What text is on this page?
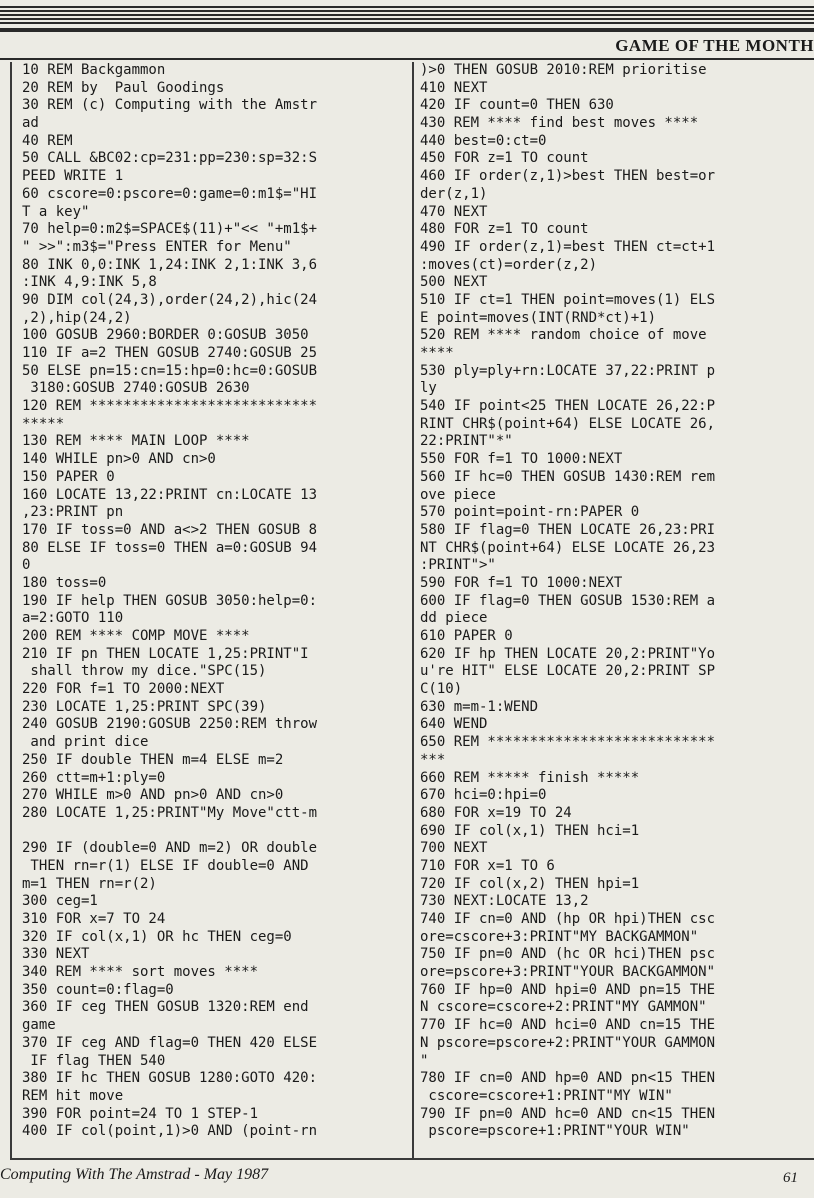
GAME OF THE MONTH
10 REM Backgammon
20 REM by  Paul Goodings
30 REM (c) Computing with the Amstr
ad
40 REM
50 CALL &BC02:cp=231:pp=230:sp=32:S
PEED WRITE 1
60 cscore=0:pscore=0:game=0:m1$="HI
T a key"
70 help=0:m2$=SPACE$(11)+"<< "+m1$+
" >>":m3$="Press ENTER for Menu"
80 INK 0,0:INK 1,24:INK 2,1:INK 3,6
:INK 4,9:INK 5,8
90 DIM col(24,3),order(24,2),hic(24
,2),hip(24,2)
100 GOSUB 2960:BORDER 0:GOSUB 3050
110 IF a=2 THEN GOSUB 2740:GOSUB 25
50 ELSE pn=15:cn=15:hp=0:hc=0:GOSUB
3180:GOSUB 2740:GOSUB 2630
120 REM ***************************
*****
130 REM **** MAIN LOOP ****
140 WHILE pn>0 AND cn>0
150 PAPER 0
160 LOCATE 13,22:PRINT cn:LOCATE 13
,23:PRINT pn
170 IF toss=0 AND a<>2 THEN GOSUB 8
80 ELSE IF toss=0 THEN a=0:GOSUB 94
0
180 toss=0
190 IF help THEN GOSUB 3050:help=0:
a=2:GOTO 110
200 REM **** COMP MOVE ****
210 IF pn THEN LOCATE 1,25:PRINT"I
shall throw my dice."SPC(15)
220 FOR f=1 TO 2000:NEXT
230 LOCATE 1,25:PRINT SPC(39)
240 GOSUB 2190:GOSUB 2250:REM throw
and print dice
250 IF double THEN m=4 ELSE m=2
260 ctt=m+1:ply=0
270 WHILE m>0 AND pn>0 AND cn>0
280 LOCATE 1,25:PRINT"My Move"ctt-m
290 IF (double=0 AND m=2) OR double
THEN rn=r(1) ELSE IF double=0 AND
m=1 THEN rn=r(2)
300 ceg=1
310 FOR x=7 TO 24
320 IF col(x,1) OR hc THEN ceg=0
330 NEXT
340 REM **** sort moves ****
350 count=0:flag=0
360 IF ceg THEN GOSUB 1320:REM end
game
370 IF ceg AND flag=0 THEN 420 ELSE
IF flag THEN 540
380 IF hc THEN GOSUB 1280:GOTO 420:
REM hit move
390 FOR point=24 TO 1 STEP-1
400 IF col(point,1)>0 AND (point-rn
)>0 THEN GOSUB 2010:REM prioritise
410 NEXT
420 IF count=0 THEN 630
430 REM **** find best moves ****
440 best=0:ct=0
450 FOR z=1 TO count
460 IF order(z,1)>best THEN best=or
der(z,1)
470 NEXT
480 FOR z=1 TO count
490 IF order(z,1)=best THEN ct=ct+1
:moves(ct)=order(z,2)
500 NEXT
510 IF ct=1 THEN point=moves(1) ELS
E point=moves(INT(RND*ct)+1)
520 REM **** random choice of move
****
530 ply=ply+rn:LOCATE 37,22:PRINT p
ly
540 IF point<25 THEN LOCATE 26,22:P
RINT CHR$(point+64) ELSE LOCATE 26,
22:PRINT"*"
550 FOR f=1 TO 1000:NEXT
560 IF hc=0 THEN GOSUB 1430:REM rem
ove piece
570 point=point-rn:PAPER 0
580 IF flag=0 THEN LOCATE 26,23:PRI
NT CHR$(point+64) ELSE LOCATE 26,23
:PRINT">"
590 FOR f=1 TO 1000:NEXT
600 IF flag=0 THEN GOSUB 1530:REM a
dd piece
610 PAPER 0
620 IF hp THEN LOCATE 20,2:PRINT"Yo
u're HIT" ELSE LOCATE 20,2:PRINT SP
C(10)
630 m=m-1:WEND
640 WEND
650 REM ***************************
***
660 REM ***** finish *****
670 hci=0:hpi=0
680 FOR x=19 TO 24
690 IF col(x,1) THEN hci=1
700 NEXT
710 FOR x=1 TO 6
720 IF col(x,2) THEN hpi=1
730 NEXT:LOCATE 13,2
740 IF cn=0 AND (hp OR hpi)THEN csc
ore=cscore+3:PRINT"MY BACKGAMMON"
750 IF pn=0 AND (hc OR hci)THEN psc
ore=pscore+3:PRINT"YOUR BACKGAMMON"
760 IF hp=0 AND hpi=0 AND pn=15 THE
N cscore=cscore+2:PRINT"MY GAMMON"
770 IF hc=0 AND hci=0 AND cn=15 THE
N pscore=pscore+2:PRINT"YOUR GAMMON
"
780 IF cn=0 AND hp=0 AND pn<15 THEN
cscore=cscore+1:PRINT"MY WIN"
790 IF pn=0 AND hc=0 AND cn<15 THEN
pscore=pscore+1:PRINT"YOUR WIN"
Computing With The Amstrad - May 1987	61
